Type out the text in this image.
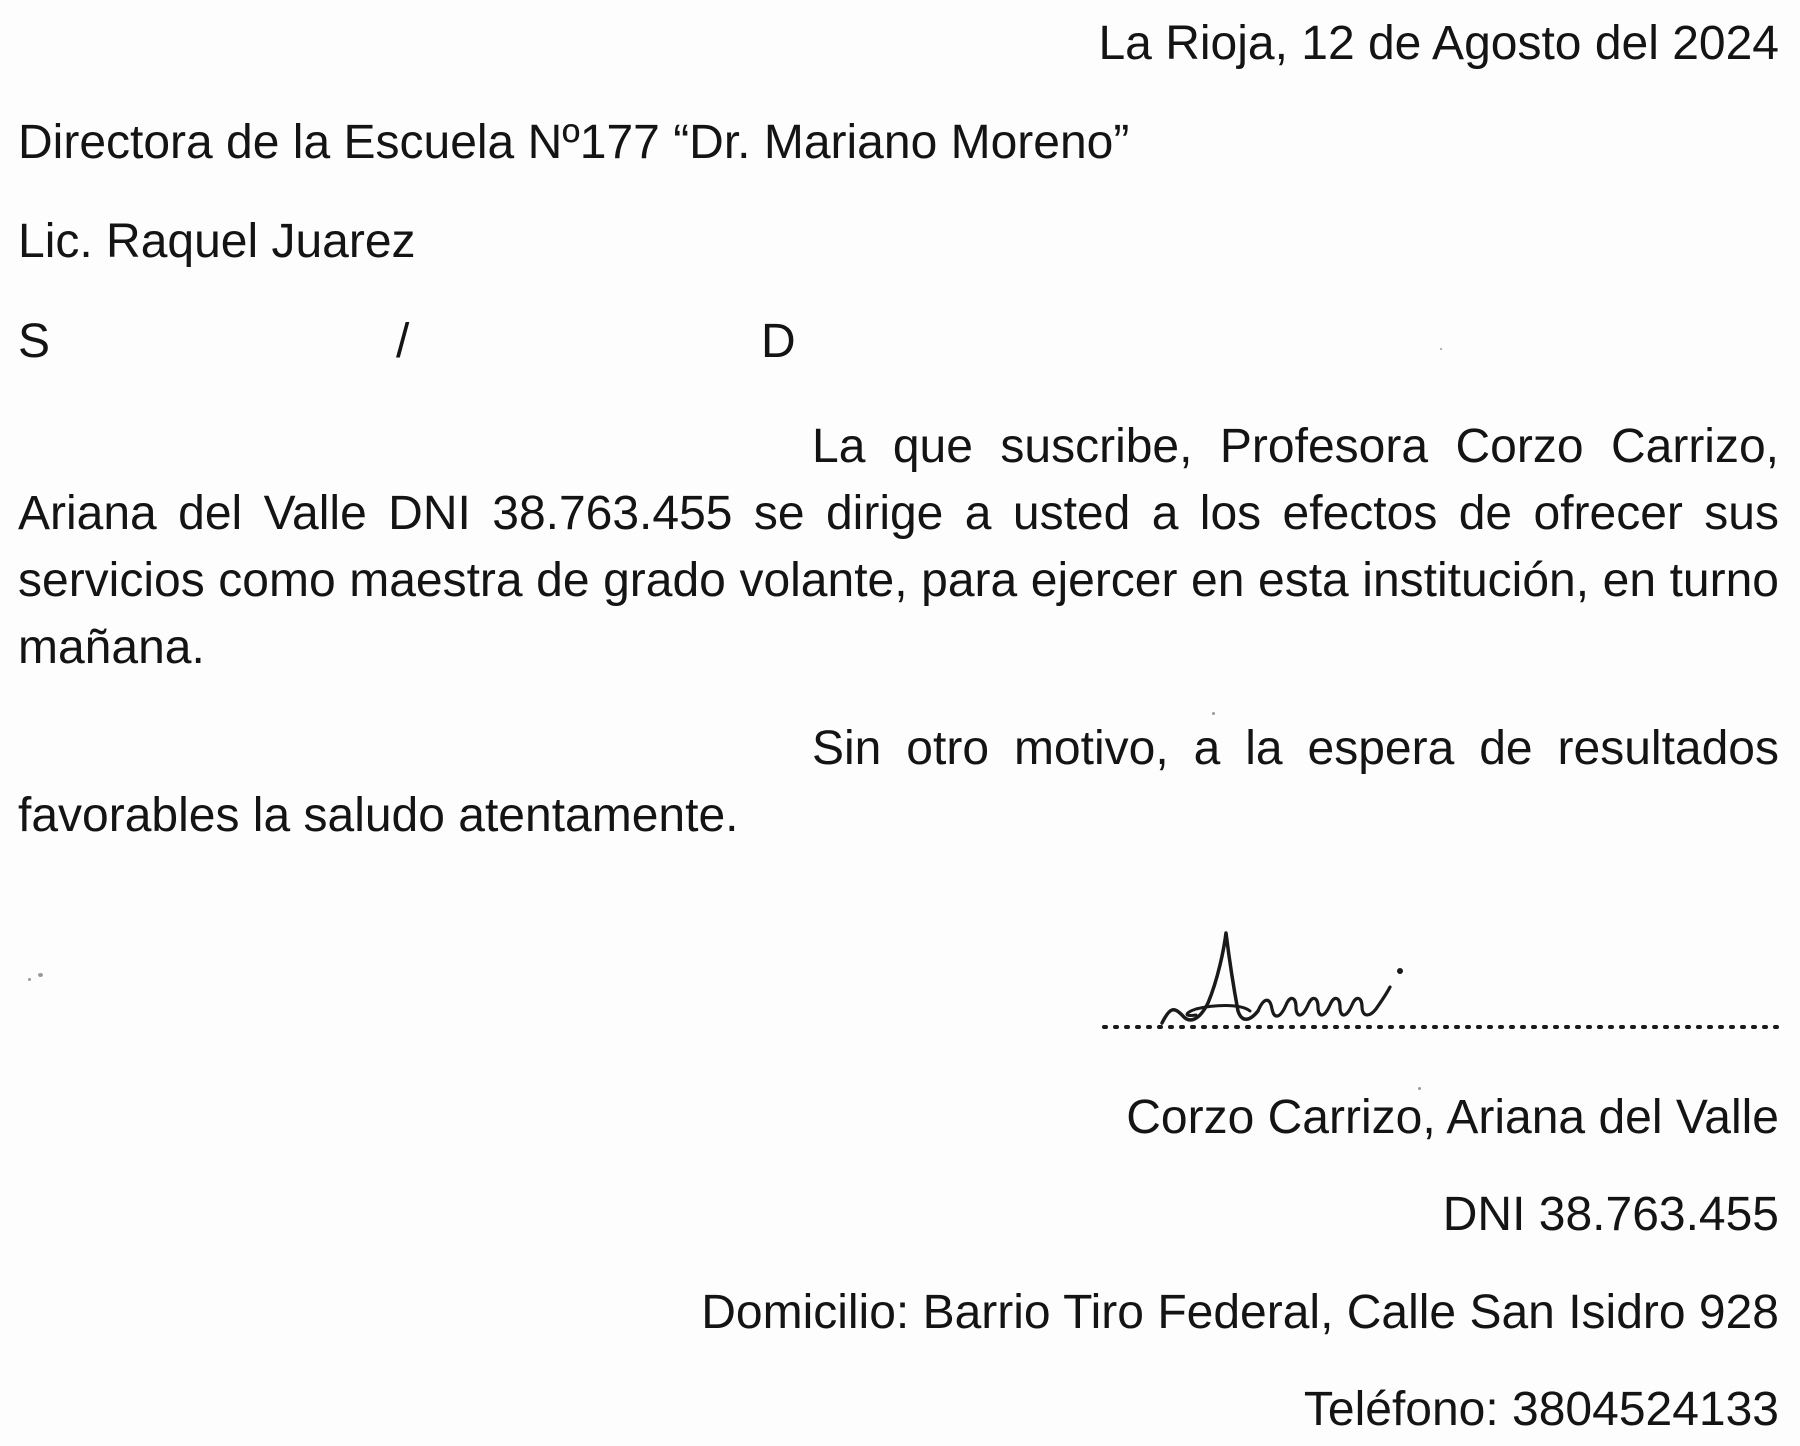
La Rioja, 12 de Agosto del 2024
Directora de la Escuela Nº177 “Dr. Mariano Moreno”
Lic. Raquel Juarez
S	/	D
La que suscribe, Profesora Corzo Carrizo, Ariana del Valle DNI 38.763.455 se dirige a usted a los efectos de ofrecer sus servicios como maestra de grado volante, para ejercer en esta institución, en turno mañana.
Sin otro motivo, a la espera de resultados favorables la saludo atentamente.
Corzo Carrizo, Ariana del Valle
DNI 38.763.455
Domicilio: Barrio Tiro Federal, Calle San Isidro 928
Teléfono: 3804524133
